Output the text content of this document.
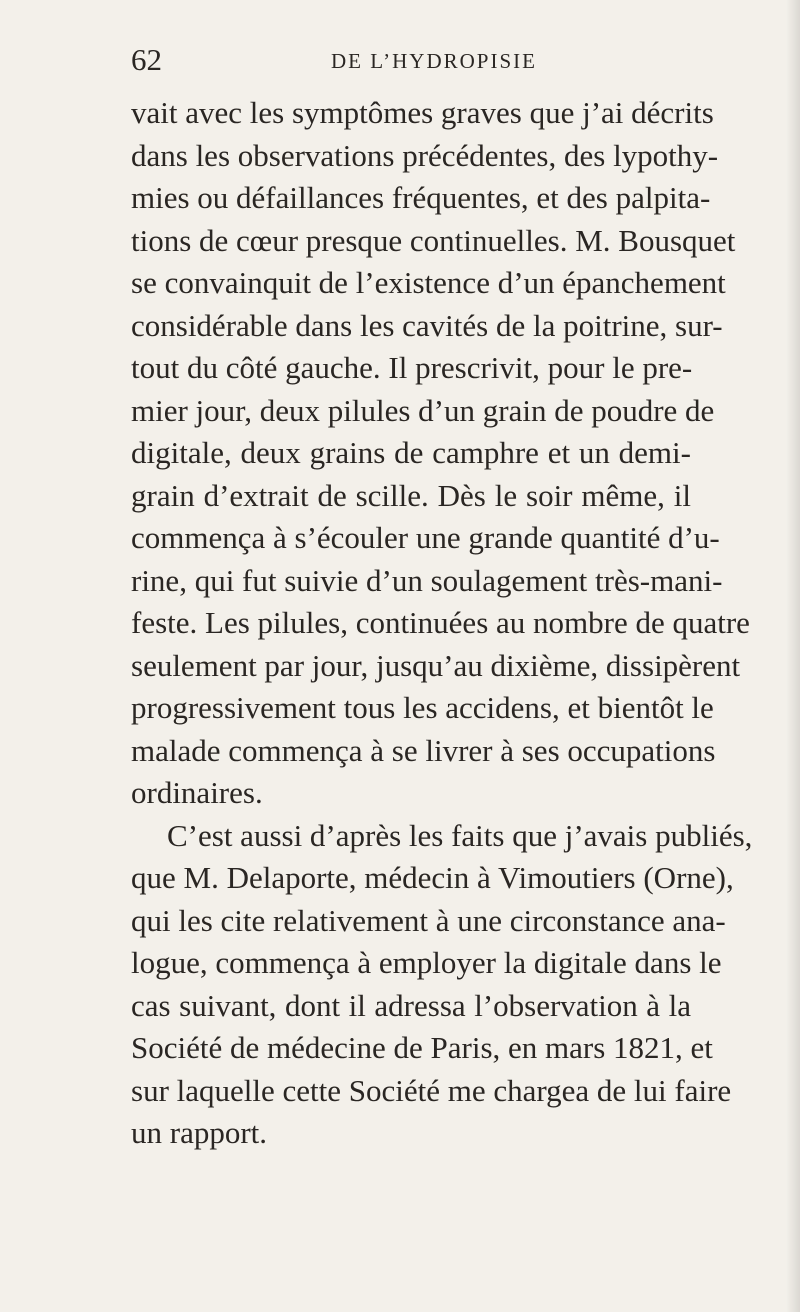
62	DE L’HYDROPISIE
vait avec les symptômes graves que j’ai décrits
dans les observations précédentes, des lypothy-
mies ou défaillances fréquentes, et des palpita-
tions de cœur presque continuelles. M. Bousquet
se convainquit de l’existence d’un épanchement
considérable dans les cavités de la poitrine, sur-
tout du côté gauche. Il prescrivit, pour le pre-
mier jour, deux pilules d’un grain de poudre de
digitale, deux grains de camphre et un demi-
grain d’extrait de scille. Dès le soir même, il
commença à s’écouler une grande quantité d’u-
rine, qui fut suivie d’un soulagement très-mani-
feste. Les pilules, continuées au nombre de quatre
seulement par jour, jusqu’au dixième, dissipèrent
progressivement tous les accidens, et bientôt le
malade commença à se livrer à ses occupations
ordinaires.
C’est aussi d’après les faits que j’avais publiés,
que M. Delaporte, médecin à Vimoutiers (Orne),
qui les cite relativement à une circonstance ana-
logue, commença à employer la digitale dans le
cas suivant, dont il adressa l’observation à la
Société de médecine de Paris, en mars 1821, et
sur laquelle cette Société me chargea de lui faire
un rapport.
